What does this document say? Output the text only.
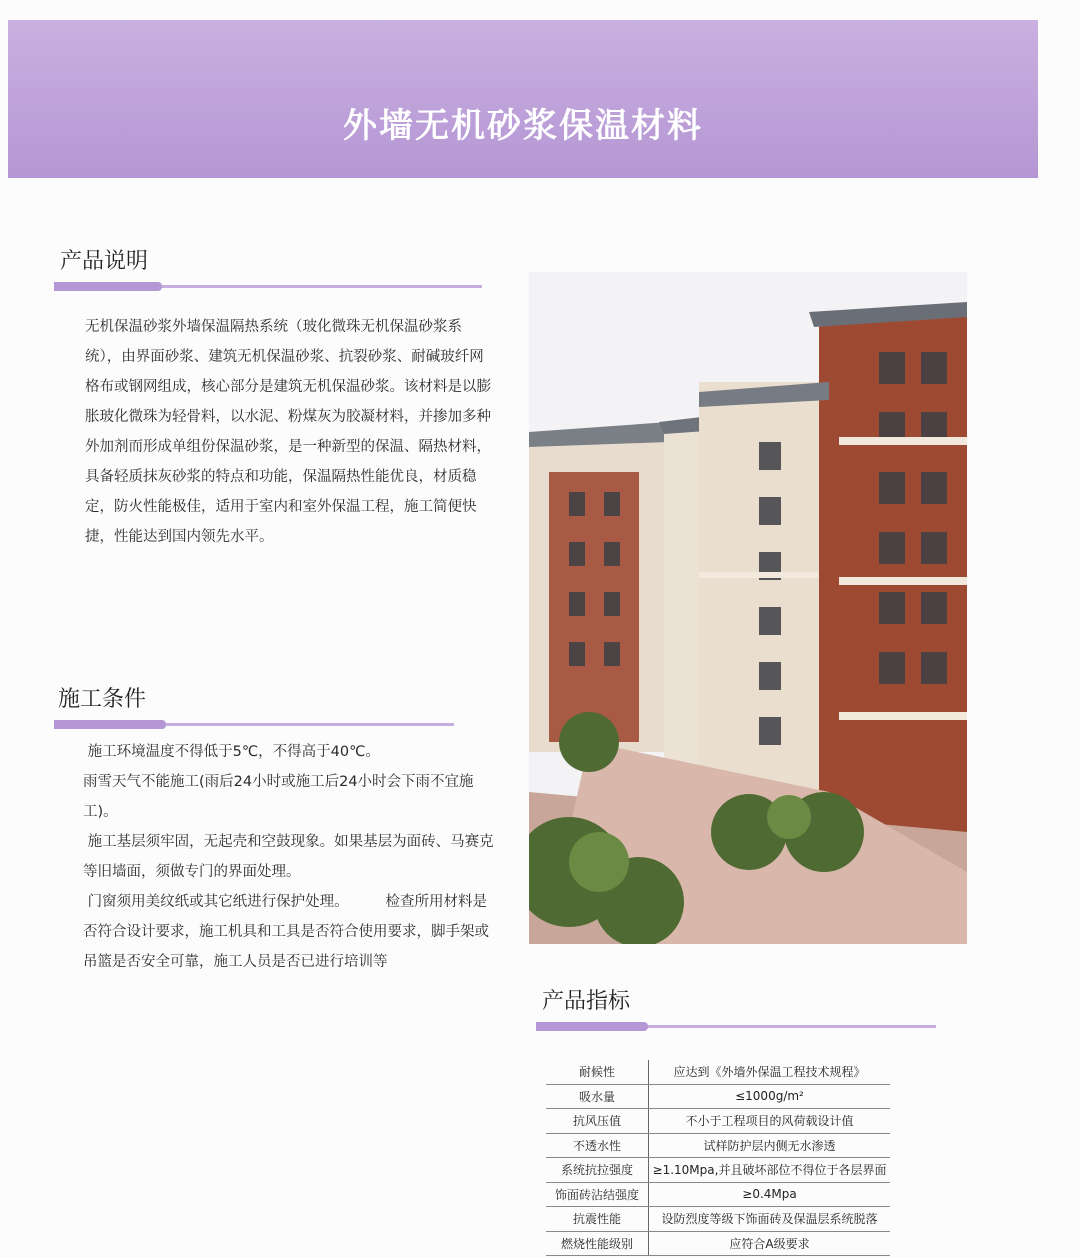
外墙无机砂浆保温材料
产品说明

无机保温砂浆外墙保温隔热系统（玻化微珠无机保温砂浆系

统），由界面砂浆、建筑无机保温砂浆、抗裂砂浆、耐碱玻纤网

格布或钢网组成，核心部分是建筑无机保温砂浆。该材料是以膨

胀玻化微珠为轻骨料，以水泥、粉煤灰为胶凝材料，并掺加多种

外加剂而形成单组份保温砂浆，是一种新型的保温、隔热材料，

具备轻质抹灰砂浆的特点和功能，保温隔热性能优良，材质稳

定，防火性能极佳，适用于室内和室外保温工程，施工简便快

捷，性能达到国内领先水平。

施工条件

施工环境温度不得低于5℃，不得高于40℃。

雨雪天气不能施工(雨后24小时或施工后24小时会下雨不宜施

工)。

施工基层须牢固，无起壳和空鼓现象。如果基层为面砖、马赛克

等旧墙面，须做专门的界面处理。

门窗须用美纹纸或其它纸进行保护处理。        检查所用材料是

否符合设计要求，施工机具和工具是否符合使用要求，脚手架或

吊篮是否安全可靠，施工人员是否已进行培训等

产品指标
耐候性	应达到《外墙外保温工程技术规程》
吸水量	≤1000g/m²
抗风压值	不小于工程项目的风荷载设计值
不透水性	试样防护层内侧无水渗透
系统抗拉强度	≥1.10Mpa,并且破坏部位不得位于各层界面
饰面砖沾结强度	≥0.4Mpa
抗震性能	设防烈度等级下饰面砖及保温层系统脱落
燃烧性能级别	应符合A级要求
